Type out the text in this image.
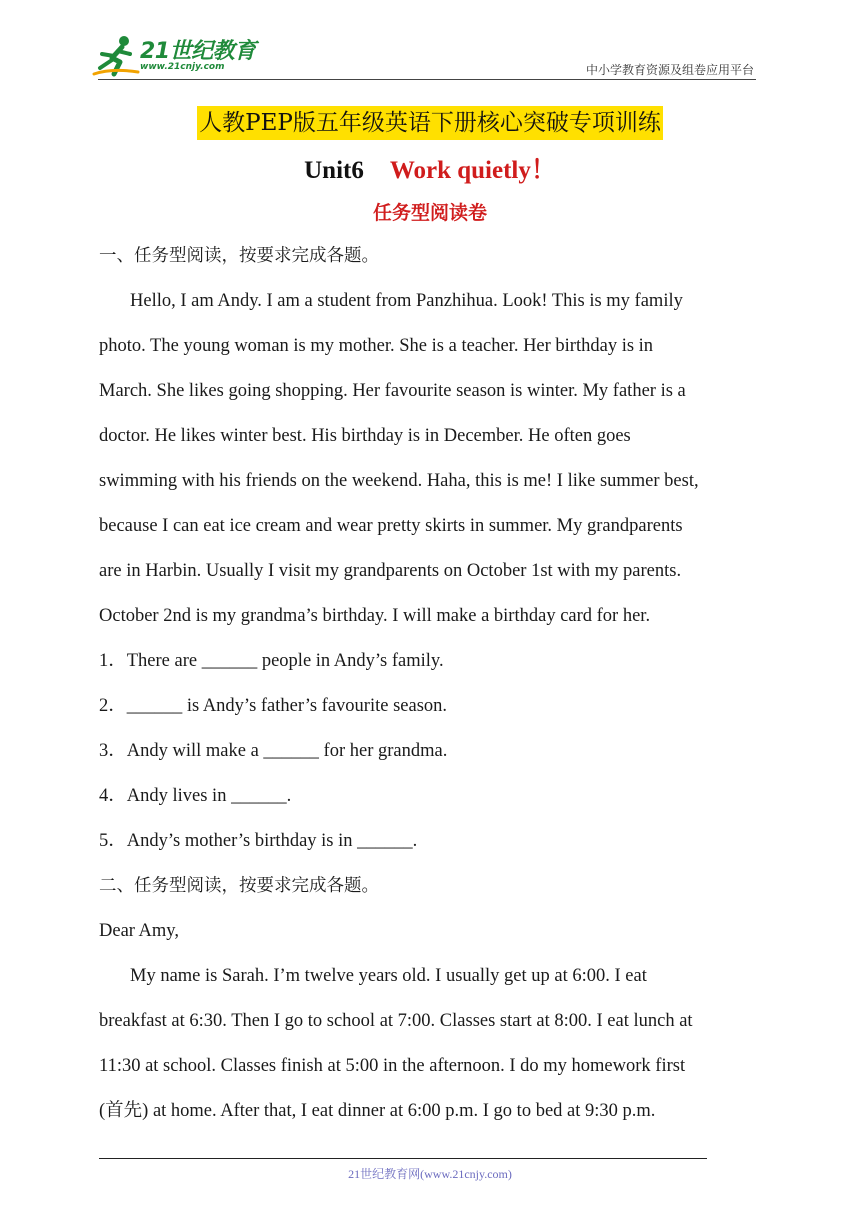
21世纪教育
www.21cnjy.com	中小学教育资源及组卷应用平台
人教PEP版五年级英语下册核心突破专项训练
Unit6 Work quietly！
任务型阅读卷
一、任务型阅读，按要求完成各题。
Hello, I am Andy. I am a student from Panzhihua. Look! This is my family
photo. The young woman is my mother. She is a teacher. Her birthday is in
March. She likes going shopping. Her favourite season is winter. My father is a
doctor. He likes winter best. His birthday is in December. He often goes
swimming with his friends on the weekend. Haha, this is me! I like summer best,
because I can eat ice cream and wear pretty skirts in summer. My grandparents
are in Harbin. Usually I visit my grandparents on October 1st with my parents.
October 2nd is my grandma’s birthday. I will make a birthday card for her.
1．There are ______ people in Andy’s family.
2．______ is Andy’s father’s favourite season.
3．Andy will make a ______ for her grandma.
4．Andy lives in ______.
5．Andy’s mother’s birthday is in ______.
二、任务型阅读，按要求完成各题。
Dear Amy,
My name is Sarah. I’m twelve years old. I usually get up at 6:00. I eat
breakfast at 6:30. Then I go to school at 7:00. Classes start at 8:00. I eat lunch at
11:30 at school. Classes finish at 5:00 in the afternoon. I do my homework first
(首先) at home. After that, I eat dinner at 6:00 p.m. I go to bed at 9:30 p.m.
21世纪教育网(www.21cnjy.com)
